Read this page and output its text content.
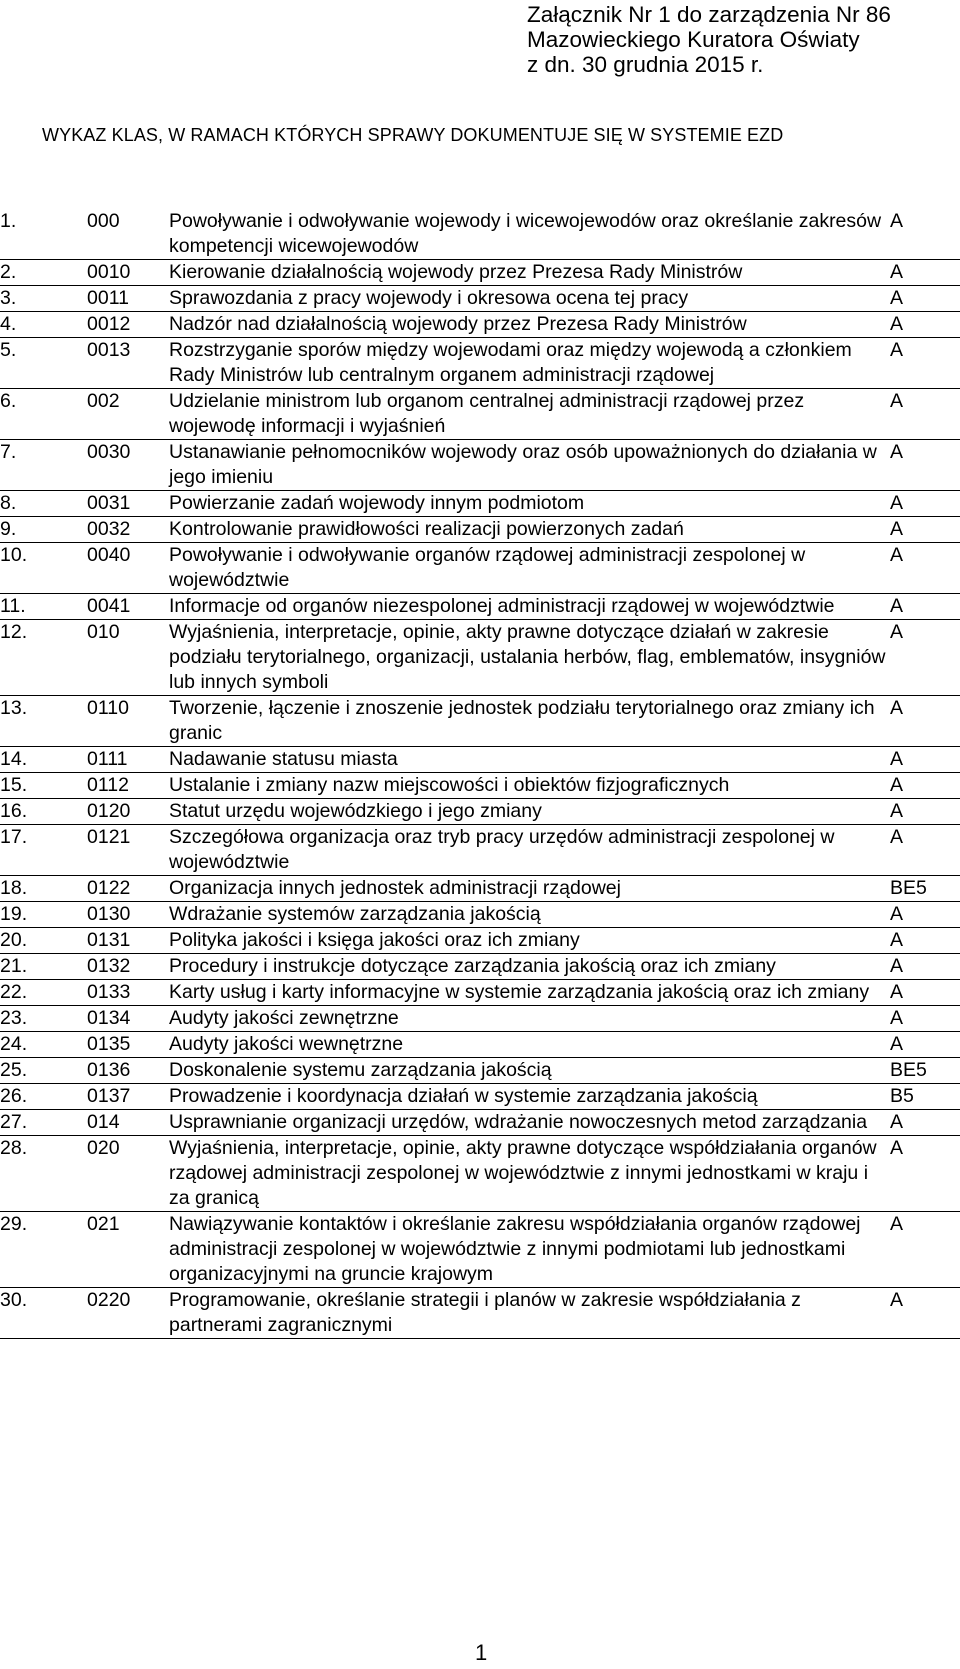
Załącznik Nr 1 do zarządzenia Nr 86
Mazowieckiego Kuratora Oświaty
z dn. 30 grudnia 2015 r.
WYKAZ KLAS, W RAMACH KTÓRYCH SPRAWY DOKUMENTUJE SIĘ W SYSTEMIE EZD
1.	000	Powoływanie i odwoływanie wojewody i wicewojewodów oraz określanie zakresów kompetencji wicewojewodów	A
2.	0010	Kierowanie działalnością wojewody przez Prezesa Rady Ministrów	A
3.	0011	Sprawozdania z pracy wojewody i okresowa ocena tej pracy	A
4.	0012	Nadzór nad działalnością wojewody przez Prezesa Rady Ministrów	A
5.	0013	Rozstrzyganie sporów między wojewodami oraz między wojewodą a członkiem Rady Ministrów lub centralnym organem administracji rządowej	A
6.	002	Udzielanie ministrom lub organom centralnej administracji rządowej przez wojewodę informacji i wyjaśnień	A
7.	0030	Ustanawianie pełnomocników wojewody oraz osób upoważnionych do działania w jego imieniu	A
8.	0031	Powierzanie zadań wojewody innym podmiotom	A
9.	0032	Kontrolowanie prawidłowości realizacji powierzonych zadań	A
10.	0040	Powoływanie i odwoływanie organów rządowej administracji zespolonej w województwie	A
11.	0041	Informacje od organów niezespolonej administracji rządowej w województwie	A
12.	010	Wyjaśnienia, interpretacje, opinie, akty prawne dotyczące działań w zakresie podziału terytorialnego, organizacji, ustalania herbów, flag, emblematów, insygniów lub innych symboli	A
13.	0110	Tworzenie, łączenie i znoszenie jednostek podziału terytorialnego oraz zmiany ich granic	A
14.	0111	Nadawanie statusu miasta	A
15.	0112	Ustalanie i zmiany nazw miejscowości i obiektów fizjograficznych	A
16.	0120	Statut urzędu wojewódzkiego i jego zmiany	A
17.	0121	Szczegółowa organizacja oraz tryb pracy urzędów administracji zespolonej w województwie	A
18.	0122	Organizacja innych jednostek administracji rządowej	BE5
19.	0130	Wdrażanie systemów zarządzania jakością	A
20.	0131	Polityka jakości i księga jakości oraz ich zmiany	A
21.	0132	Procedury i instrukcje dotyczące zarządzania jakością oraz ich zmiany	A
22.	0133	Karty usług i karty informacyjne w systemie zarządzania jakością oraz ich zmiany	A
23.	0134	Audyty jakości zewnętrzne	A
24.	0135	Audyty jakości wewnętrzne	A
25.	0136	Doskonalenie systemu zarządzania jakością	BE5
26.	0137	Prowadzenie i koordynacja działań w systemie zarządzania jakością	B5
27.	014	Usprawnianie organizacji urzędów, wdrażanie nowoczesnych metod zarządzania	A
28.	020	Wyjaśnienia, interpretacje, opinie, akty prawne dotyczące współdziałania organów rządowej administracji zespolonej w województwie z innymi jednostkami w kraju i za granicą	A
29.	021	Nawiązywanie kontaktów i określanie zakresu współdziałania organów rządowej administracji zespolonej w województwie z innymi podmiotami lub jednostkami organizacyjnymi na gruncie krajowym	A
30.	0220	Programowanie, określanie strategii i planów w zakresie współdziałania z partnerami zagranicznymi	A
1
